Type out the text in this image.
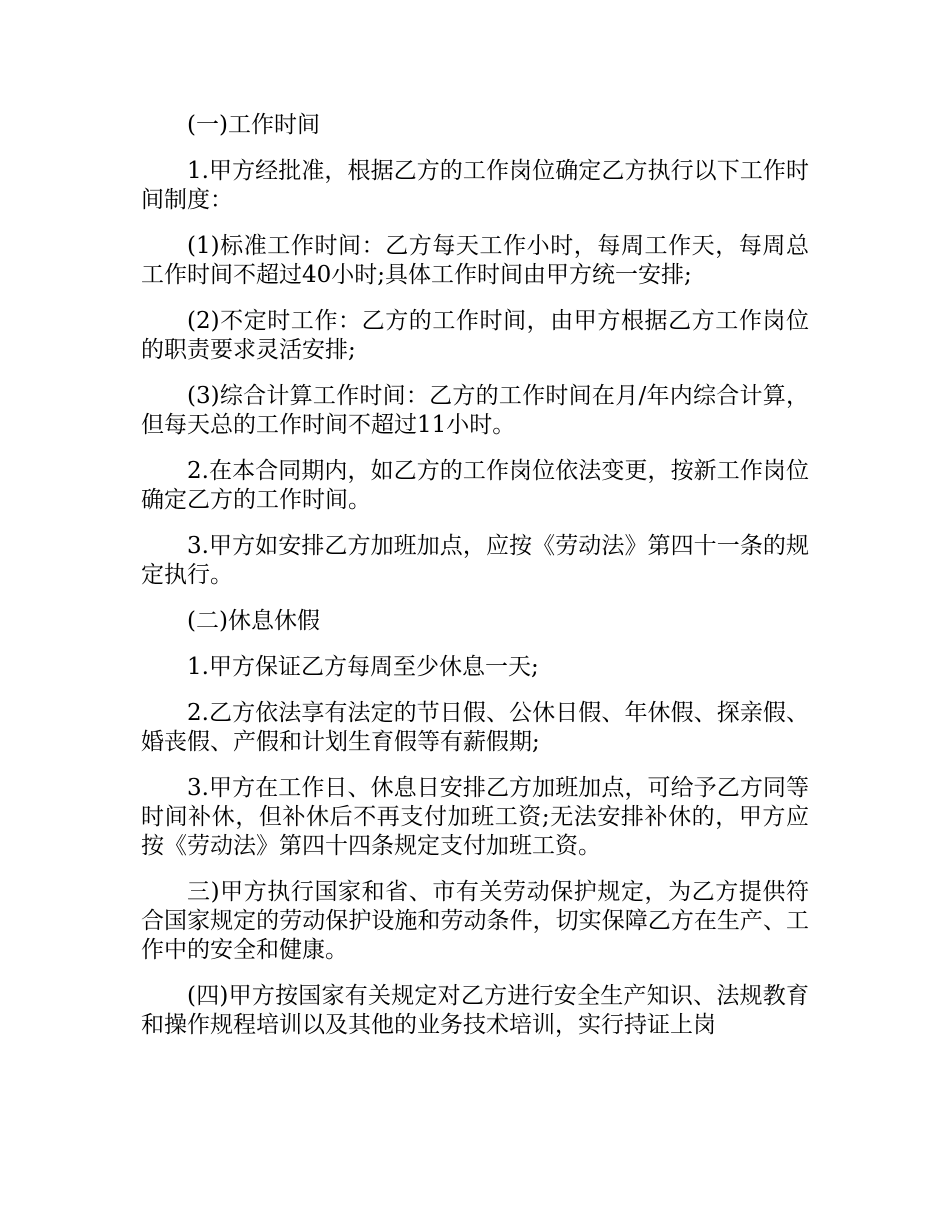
(一)工作时间

1.甲方经批准，根据乙方的工作岗位确定乙方执行以下工作时间制度：

(1)标准工作时间：乙方每天工作小时，每周工作天，每周总工作时间不超过40小时;具体工作时间由甲方统一安排;

(2)不定时工作：乙方的工作时间，由甲方根据乙方工作岗位的职责要求灵活安排;

(3)综合计算工作时间：乙方的工作时间在月/年内综合计算，但每天总的工作时间不超过11小时。

2.在本合同期内，如乙方的工作岗位依法变更，按新工作岗位确定乙方的工作时间。

3.甲方如安排乙方加班加点，应按《劳动法》第四十一条的规定执行。

(二)休息休假

1.甲方保证乙方每周至少休息一天;

2.乙方依法享有法定的节日假、公休日假、年休假、探亲假、婚丧假、产假和计划生育假等有薪假期;

3.甲方在工作日、休息日安排乙方加班加点，可给予乙方同等时间补休，但补休后不再支付加班工资;无法安排补休的，甲方应按《劳动法》第四十四条规定支付加班工资。

三)甲方执行国家和省、市有关劳动保护规定，为乙方提供符合国家规定的劳动保护设施和劳动条件，切实保障乙方在生产、工作中的安全和健康。

(四)甲方按国家有关规定对乙方进行安全生产知识、法规教育和操作规程培训以及其他的业务技术培训，实行持证上岗
